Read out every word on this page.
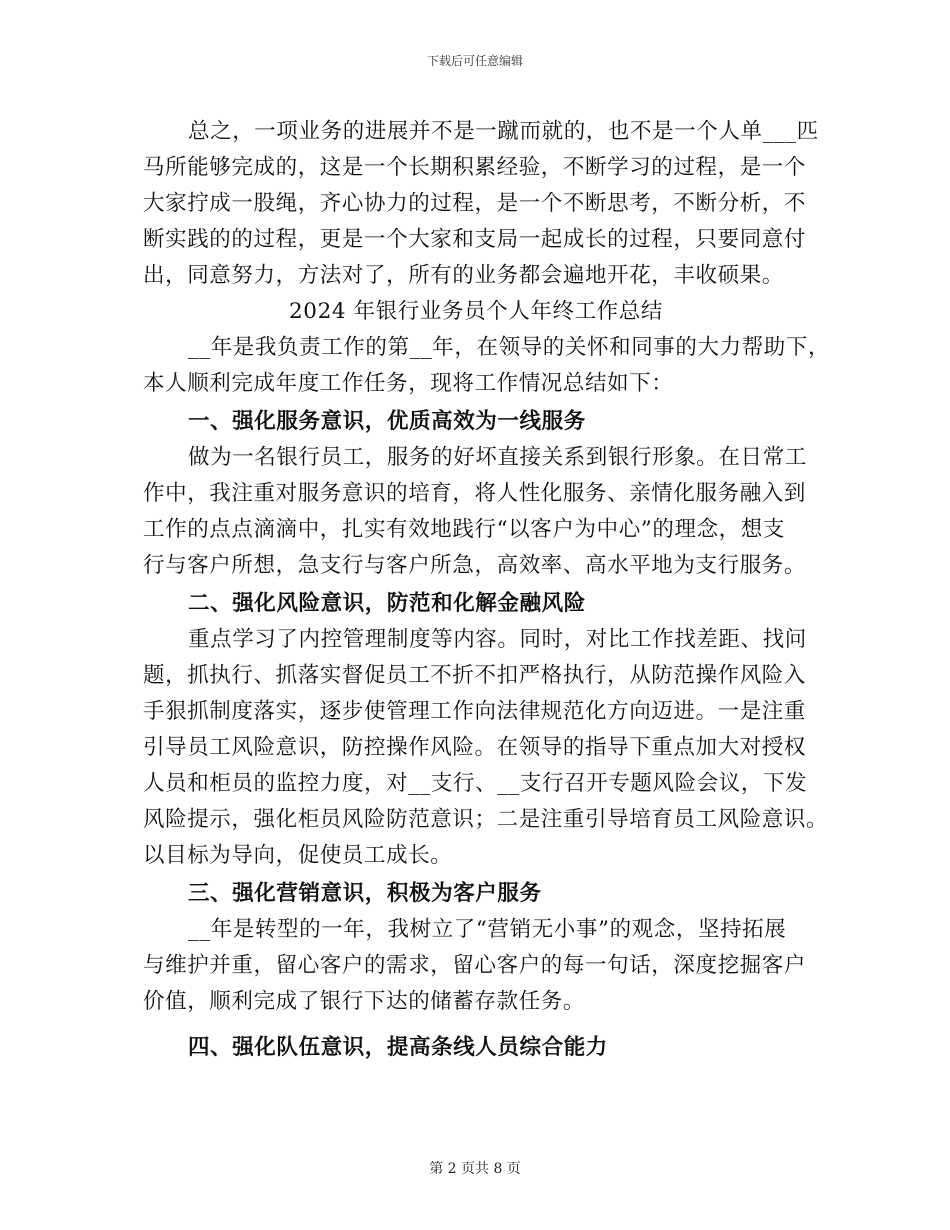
下载后可任意编辑
总之，一项业务的进展并不是一蹴而就的，也不是一个人单___匹
马所能够完成的，这是一个长期积累经验，不断学习的过程，是一个
大家拧成一股绳，齐心协力的过程，是一个不断思考，不断分析，不
断实践的的过程，更是一个大家和支局一起成长的过程，只要同意付
出，同意努力，方法对了，所有的业务都会遍地开花，丰收硕果。
2024 年银行业务员个人年终工作总结
__年是我负责工作的第__年，在领导的关怀和同事的大力帮助下，
本人顺利完成年度工作任务，现将工作情况总结如下：
一、强化服务意识，优质高效为一线服务
做为一名银行员工，服务的好坏直接关系到银行形象。在日常工
作中，我注重对服务意识的培育，将人性化服务、亲情化服务融入到
工作的点点滴滴中，扎实有效地践行“以客户为中心”的理念，想支
行与客户所想，急支行与客户所急，高效率、高水平地为支行服务。
二、强化风险意识，防范和化解金融风险
重点学习了内控管理制度等内容。同时，对比工作找差距、找问
题，抓执行、抓落实督促员工不折不扣严格执行，从防范操作风险入
手狠抓制度落实，逐步使管理工作向法律规范化方向迈进。一是注重
引导员工风险意识，防控操作风险。在领导的指导下重点加大对授权
人员和柜员的监控力度，对__支行、__支行召开专题风险会议，下发
风险提示，强化柜员风险防范意识；二是注重引导培育员工风险意识。
以目标为导向，促使员工成长。
三、强化营销意识，积极为客户服务
__年是转型的一年，我树立了“营销无小事”的观念，坚持拓展
与维护并重，留心客户的需求，留心客户的每一句话，深度挖掘客户
价值，顺利完成了银行下达的储蓄存款任务。
四、强化队伍意识，提高条线人员综合能力
第 2 页共 8 页
